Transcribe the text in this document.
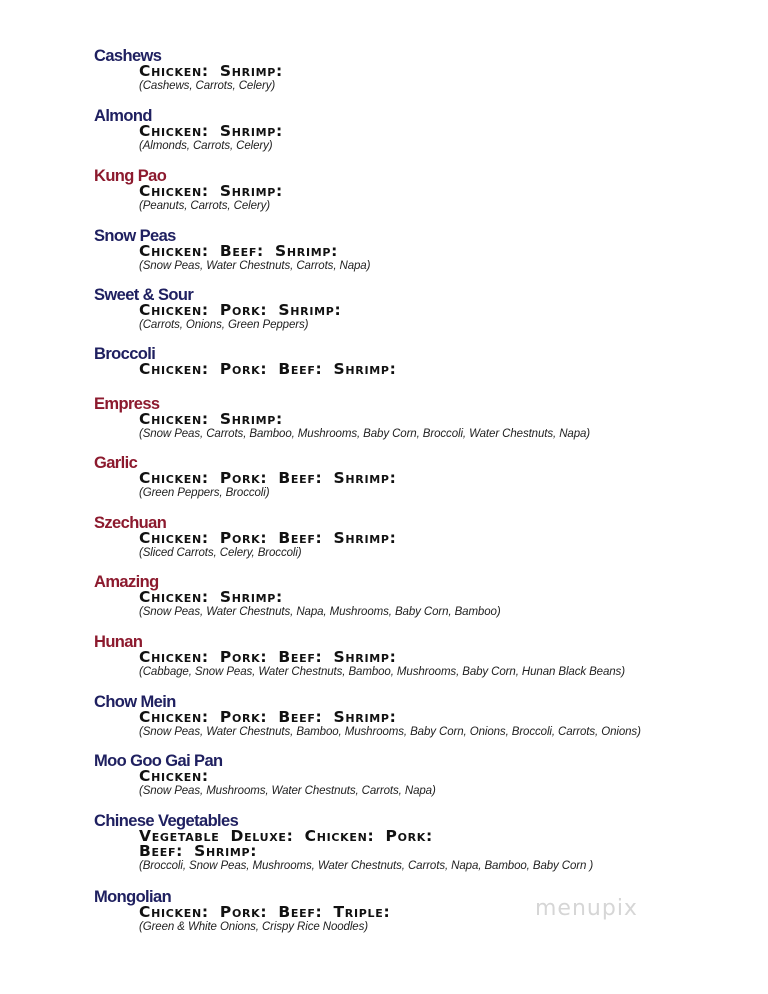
Cashews
Chicken: Shrimp:
(Cashews, Carrots, Celery)
Almond
Chicken: Shrimp:
(Almonds, Carrots, Celery)
Kung Pao
Chicken: Shrimp:
(Peanuts, Carrots, Celery)
Snow Peas
Chicken: Beef: Shrimp:
(Snow Peas, Water Chestnuts, Carrots, Napa)
Sweet & Sour
Chicken: Pork: Shrimp:
(Carrots, Onions, Green Peppers)
Broccoli
Chicken: Pork: Beef: Shrimp:
Empress
Chicken: Shrimp:
(Snow Peas, Carrots, Bamboo, Mushrooms, Baby Corn, Broccoli, Water Chestnuts, Napa)
Garlic
Chicken: Pork: Beef: Shrimp:
(Green Peppers, Broccoli)
Szechuan
Chicken: Pork: Beef: Shrimp:
(Sliced Carrots, Celery, Broccoli)
Amazing
Chicken: Shrimp:
(Snow Peas, Water Chestnuts, Napa, Mushrooms, Baby Corn, Bamboo)
Hunan
Chicken: Pork: Beef: Shrimp:
(Cabbage, Snow Peas, Water Chestnuts, Bamboo, Mushrooms, Baby Corn, Hunan Black Beans)
Chow Mein
Chicken: Pork: Beef: Shrimp:
(Snow Peas, Water Chestnuts, Bamboo, Mushrooms, Baby Corn, Onions, Broccoli, Carrots, Onions)
Moo Goo Gai Pan
Chicken:
(Snow Peas, Mushrooms, Water Chestnuts, Carrots, Napa)
Chinese Vegetables
Vegetable Deluxe: Chicken: Pork:
Beef: Shrimp:
(Broccoli, Snow Peas, Mushrooms, Water Chestnuts, Carrots, Napa, Bamboo, Baby Corn )
Mongolian
Chicken: Pork: Beef: Triple:
(Green & White Onions, Crispy Rice Noodles)
menupix
